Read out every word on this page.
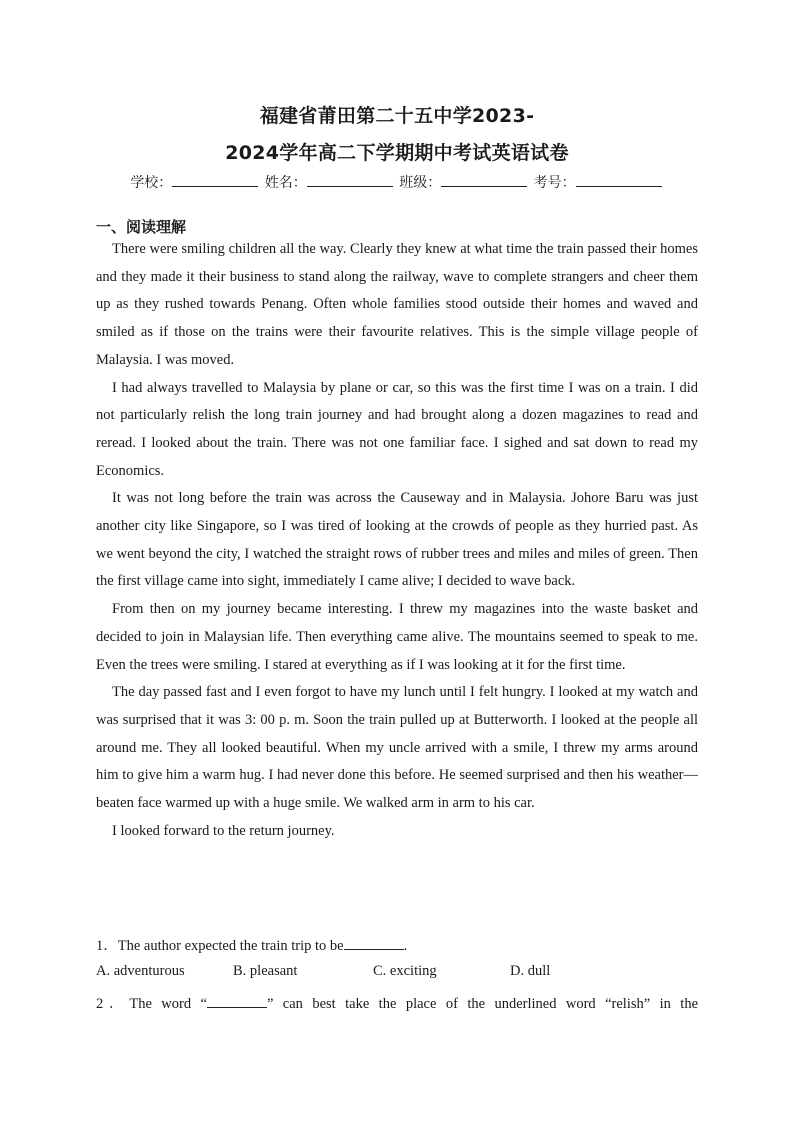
福建省莆田第二十五中学2023-
2024学年高二下学期期中考试英语试卷
学校：	姓名：	班级：	考号：
一、阅读理解

There were smiling children all the way. Clearly they knew at what time the train passed their homes and they made it their business to stand along the railway, wave to complete strangers and cheer them up as they rushed towards Penang. Often whole families stood outside their homes and waved and smiled as if those on the trains were their favourite relatives. This is the simple village people of Malaysia. I was moved.

I had always travelled to Malaysia by plane or car, so this was the first time I was on a train. I did not particularly relish the long train journey and had brought along a dozen magazines to read and reread. I looked about the train. There was not one familiar face. I sighed and sat down to read my Economics.

It was not long before the train was across the Causeway and in Malaysia. Johore Baru was just another city like Singapore, so I was tired of looking at the crowds of people as they hurried past. As we went beyond the city, I watched the straight rows of rubber trees and miles and miles of green. Then the first village came into sight, immediately I came alive; I decided to wave back.

From then on my journey became interesting. I threw my magazines into the waste basket and decided to join in Malaysian life. Then everything came alive. The mountains seemed to speak to me. Even the trees were smiling. I stared at everything as if I was looking at it for the first time.

The day passed fast and I even forgot to have my lunch until I felt hungry. I looked at my watch and was surprised that it was 3: 00 p. m. Soon the train pulled up at Butterworth. I looked at the people all around me. They all looked beautiful. When my uncle arrived with a smile, I threw my arms around him to give him a warm hug. I had never done this before. He seemed surprised and then his weather—beaten face warmed up with a huge smile. We walked arm in arm to his car.

I looked forward to the return journey.

1．The author expected the train trip to be	.
A. adventurous	B. pleasant	C. exciting	D. dull
2．The word “	” can best take the place of the underlined word “relish” in the
